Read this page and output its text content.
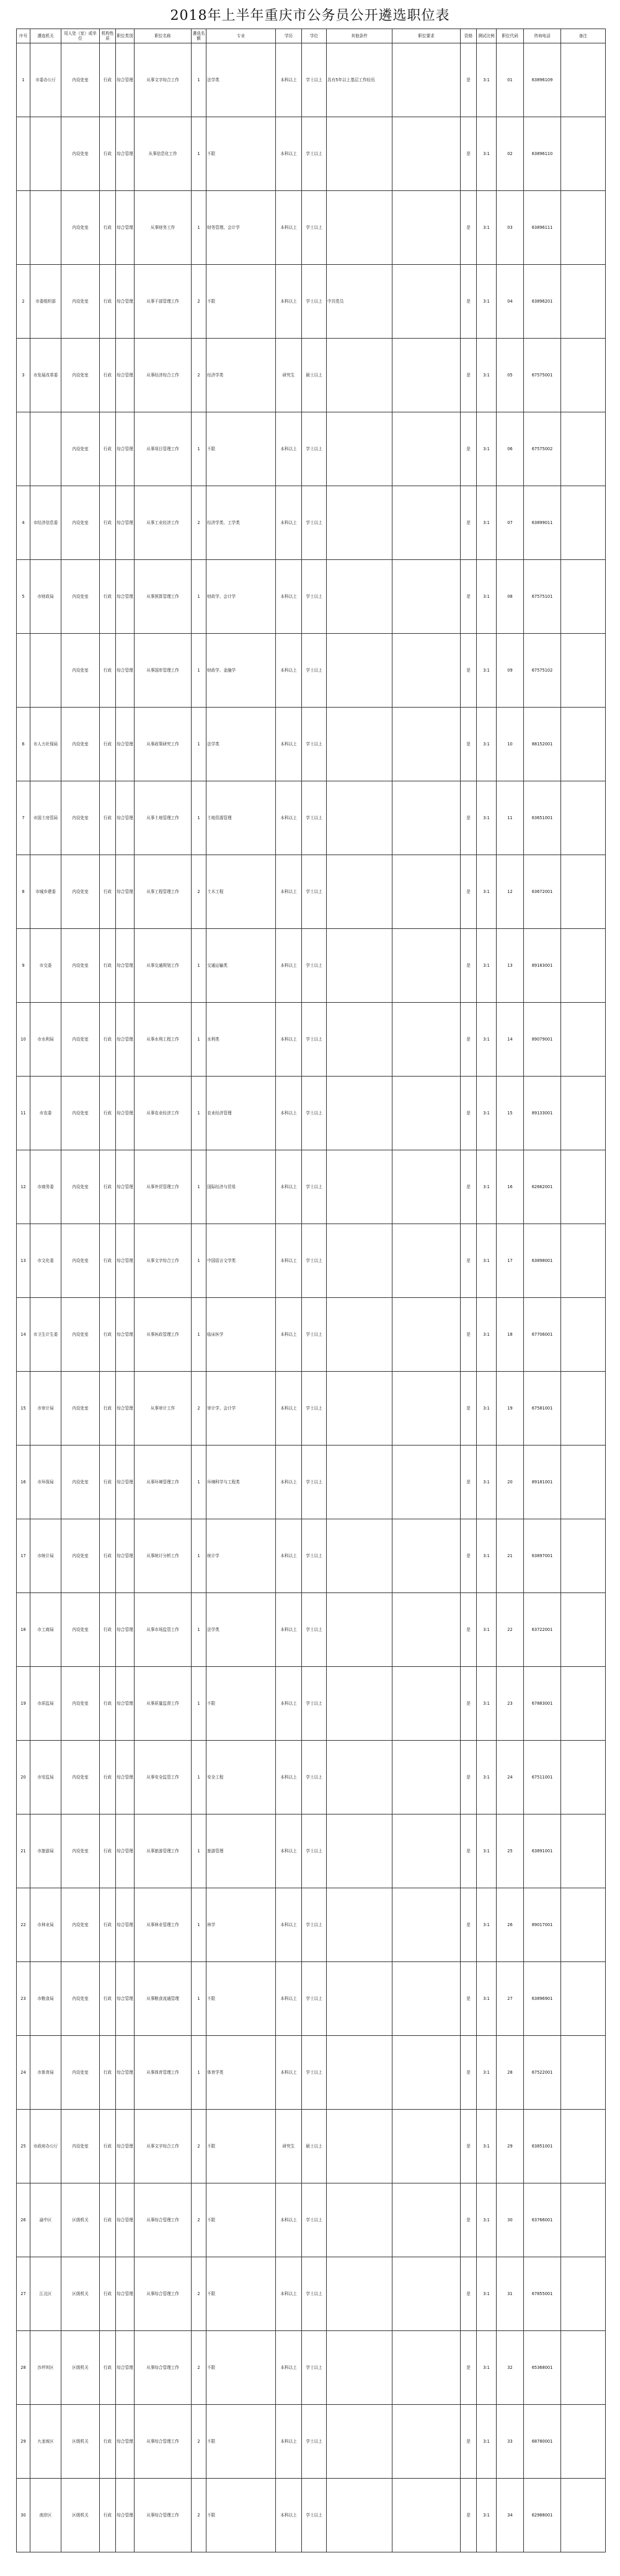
2018年上半年重庆市公务员公开遴选职位表
序号	遴选机关	用人处（室）或单位	机构性质	职位类别	职位名称	遴选名额	专业	学历	学位	其他条件	职位要求	资格	测试比例	职位代码	咨询电话	备注
1	市委办公厅	内设处室	行政	综合管理	从事文字综合工作	1	法学类	本科以上	学士以上	具有5年以上基层工作经历		是	3:1	01	63896109	
		内设处室	行政	综合管理	从事信息化工作	1	不限	本科以上	学士以上			是	3:1	02	63896110	
		内设处室	行政	综合管理	从事财务工作	1	财务管理、会计学	本科以上	学士以上			是	3:1	03	63896111	
2	市委组织部	内设处室	行政	综合管理	从事干部管理工作	2	不限	本科以上	学士以上	中共党员		是	3:1	04	63896201	
3	市发展改革委	内设处室	行政	综合管理	从事经济综合工作	2	经济学类	研究生	硕士以上			是	3:1	05	67575001	
		内设处室	行政	综合管理	从事项目管理工作	1	不限	本科以上	学士以上			是	3:1	06	67575002	
4	市经济信息委	内设处室	行政	综合管理	从事工业经济工作	2	经济学类、工学类	本科以上	学士以上			是	3:1	07	63899011	
5	市财政局	内设处室	行政	综合管理	从事预算管理工作	1	财政学、会计学	本科以上	学士以上			是	3:1	08	67575101	
		内设处室	行政	综合管理	从事国库管理工作	1	财政学、金融学	本科以上	学士以上			是	3:1	09	67575102	
6	市人力社保局	内设处室	行政	综合管理	从事政策研究工作	1	法学类	本科以上	学士以上			是	3:1	10	88152001	
7	市国土房管局	内设处室	行政	综合管理	从事土地管理工作	1	土地资源管理	本科以上	学士以上			是	3:1	11	63651001	
8	市城乡建委	内设处室	行政	综合管理	从事工程管理工作	2	土木工程	本科以上	学士以上			是	3:1	12	63672001	
9	市交委	内设处室	行政	综合管理	从事交通规划工作	1	交通运输类	本科以上	学士以上			是	3:1	13	89183001	
10	市水利局	内设处室	行政	综合管理	从事水利工程工作	1	水利类	本科以上	学士以上			是	3:1	14	89079001	
11	市农委	内设处室	行政	综合管理	从事农业经济工作	1	农业经济管理	本科以上	学士以上			是	3:1	15	89133001	
12	市商务委	内设处室	行政	综合管理	从事外贸管理工作	1	国际经济与贸易	本科以上	学士以上			是	3:1	16	62662001	
13	市文化委	内设处室	行政	综合管理	从事文字综合工作	1	中国语言文学类	本科以上	学士以上			是	3:1	17	63898001	
14	市卫生计生委	内设处室	行政	综合管理	从事医政管理工作	1	临床医学	本科以上	学士以上			是	3:1	18	67706001	
15	市审计局	内设处室	行政	综合管理	从事审计工作	2	审计学、会计学	本科以上	学士以上			是	3:1	19	67581001	
16	市环保局	内设处室	行政	综合管理	从事环境管理工作	1	环境科学与工程类	本科以上	学士以上			是	3:1	20	89181001	
17	市统计局	内设处室	行政	综合管理	从事统计分析工作	1	统计学	本科以上	学士以上			是	3:1	21	63897001	
18	市工商局	内设处室	行政	综合管理	从事市场监管工作	1	法学类	本科以上	学士以上			是	3:1	22	63722001	
19	市质监局	内设处室	行政	综合管理	从事质量监督工作	1	不限	本科以上	学士以上			是	3:1	23	67883001	
20	市安监局	内设处室	行政	综合管理	从事安全监管工作	1	安全工程	本科以上	学士以上			是	3:1	24	67511001	
21	市旅游局	内设处室	行政	综合管理	从事旅游管理工作	1	旅游管理	本科以上	学士以上			是	3:1	25	63891001	
22	市林业局	内设处室	行政	综合管理	从事林业管理工作	1	林学	本科以上	学士以上			是	3:1	26	89017001	
23	市粮食局	内设处室	行政	综合管理	从事粮食流通管理	1	不限	本科以上	学士以上			是	3:1	27	63896901	
24	市体育局	内设处室	行政	综合管理	从事体育管理工作	1	体育学类	本科以上	学士以上			是	3:1	28	67522001	
25	市政府办公厅	内设处室	行政	综合管理	从事文字综合工作	2	不限	研究生	硕士以上			是	3:1	29	63851001	
26	渝中区	区级机关	行政	综合管理	从事综合管理工作	2	不限	本科以上	学士以上			是	3:1	30	63766001	
27	江北区	区级机关	行政	综合管理	从事综合管理工作	2	不限	本科以上	学士以上			是	3:1	31	67855001	
28	沙坪坝区	区级机关	行政	综合管理	从事综合管理工作	2	不限	本科以上	学士以上			是	3:1	32	65368001	
29	九龙坡区	区级机关	行政	综合管理	从事综合管理工作	2	不限	本科以上	学士以上			是	3:1	33	68780001	
30	南岸区	区级机关	行政	综合管理	从事综合管理工作	2	不限	本科以上	学士以上			是	3:1	34	62988001	
